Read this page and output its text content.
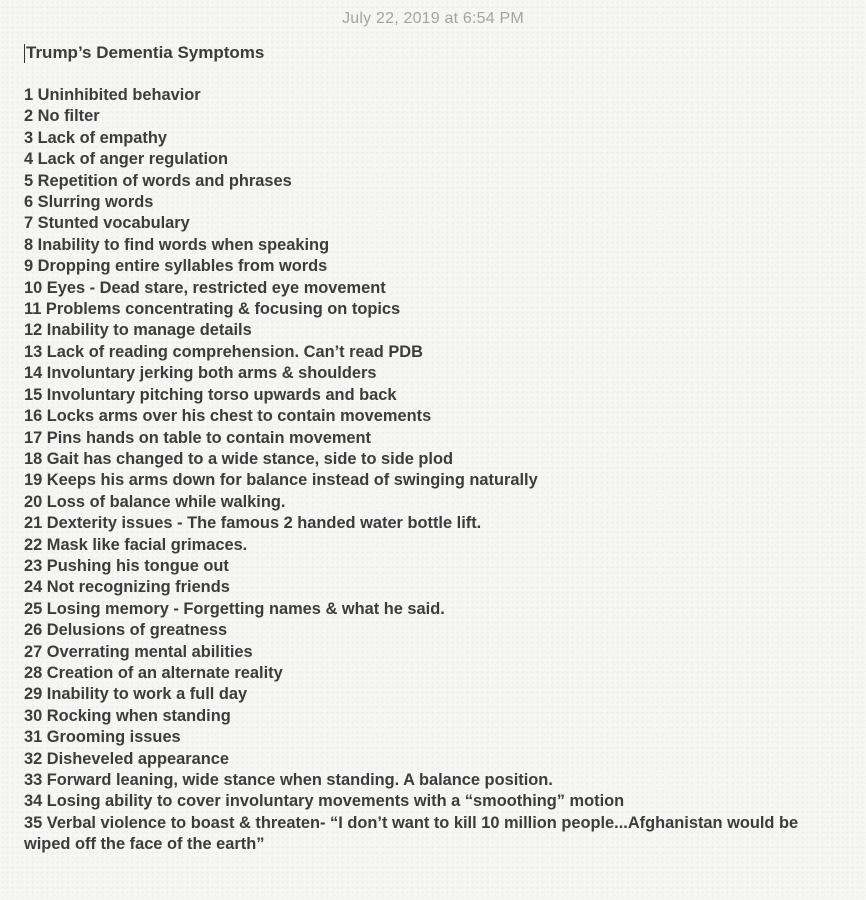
July 22, 2019 at 6:54 PM
Trump’s Dementia Symptoms
1 Uninhibited behavior
2 No filter
3 Lack of empathy
4 Lack of anger regulation
5 Repetition of words and phrases
6 Slurring words
7 Stunted vocabulary
8 Inability to find words when speaking
9 Dropping entire syllables from words
10 Eyes - Dead stare, restricted eye movement
11 Problems concentrating & focusing on topics
12 Inability to manage details
13 Lack of reading comprehension. Can’t read PDB
14 Involuntary jerking both arms & shoulders
15 Involuntary pitching torso upwards and back
16 Locks arms over his chest to contain movements
17 Pins hands on table to contain movement
18 Gait has changed to a wide stance, side to side plod
19 Keeps his arms down for balance instead of swinging naturally
20 Loss of balance while walking.
21 Dexterity issues - The famous 2 handed water bottle lift.
22 Mask like facial grimaces.
23 Pushing his tongue out
24 Not recognizing friends
25 Losing memory - Forgetting names & what he said.
26 Delusions of greatness
27 Overrating mental abilities
28 Creation of an alternate reality
29 Inability to work a full day
30 Rocking when standing
31 Grooming issues
32 Disheveled appearance
33 Forward leaning, wide stance when standing. A balance position.
34 Losing ability to cover involuntary movements with a “smoothing” motion
35 Verbal violence to boast & threaten- “I don’t want to kill 10 million people...Afghanistan would be wiped off the face of the earth”
